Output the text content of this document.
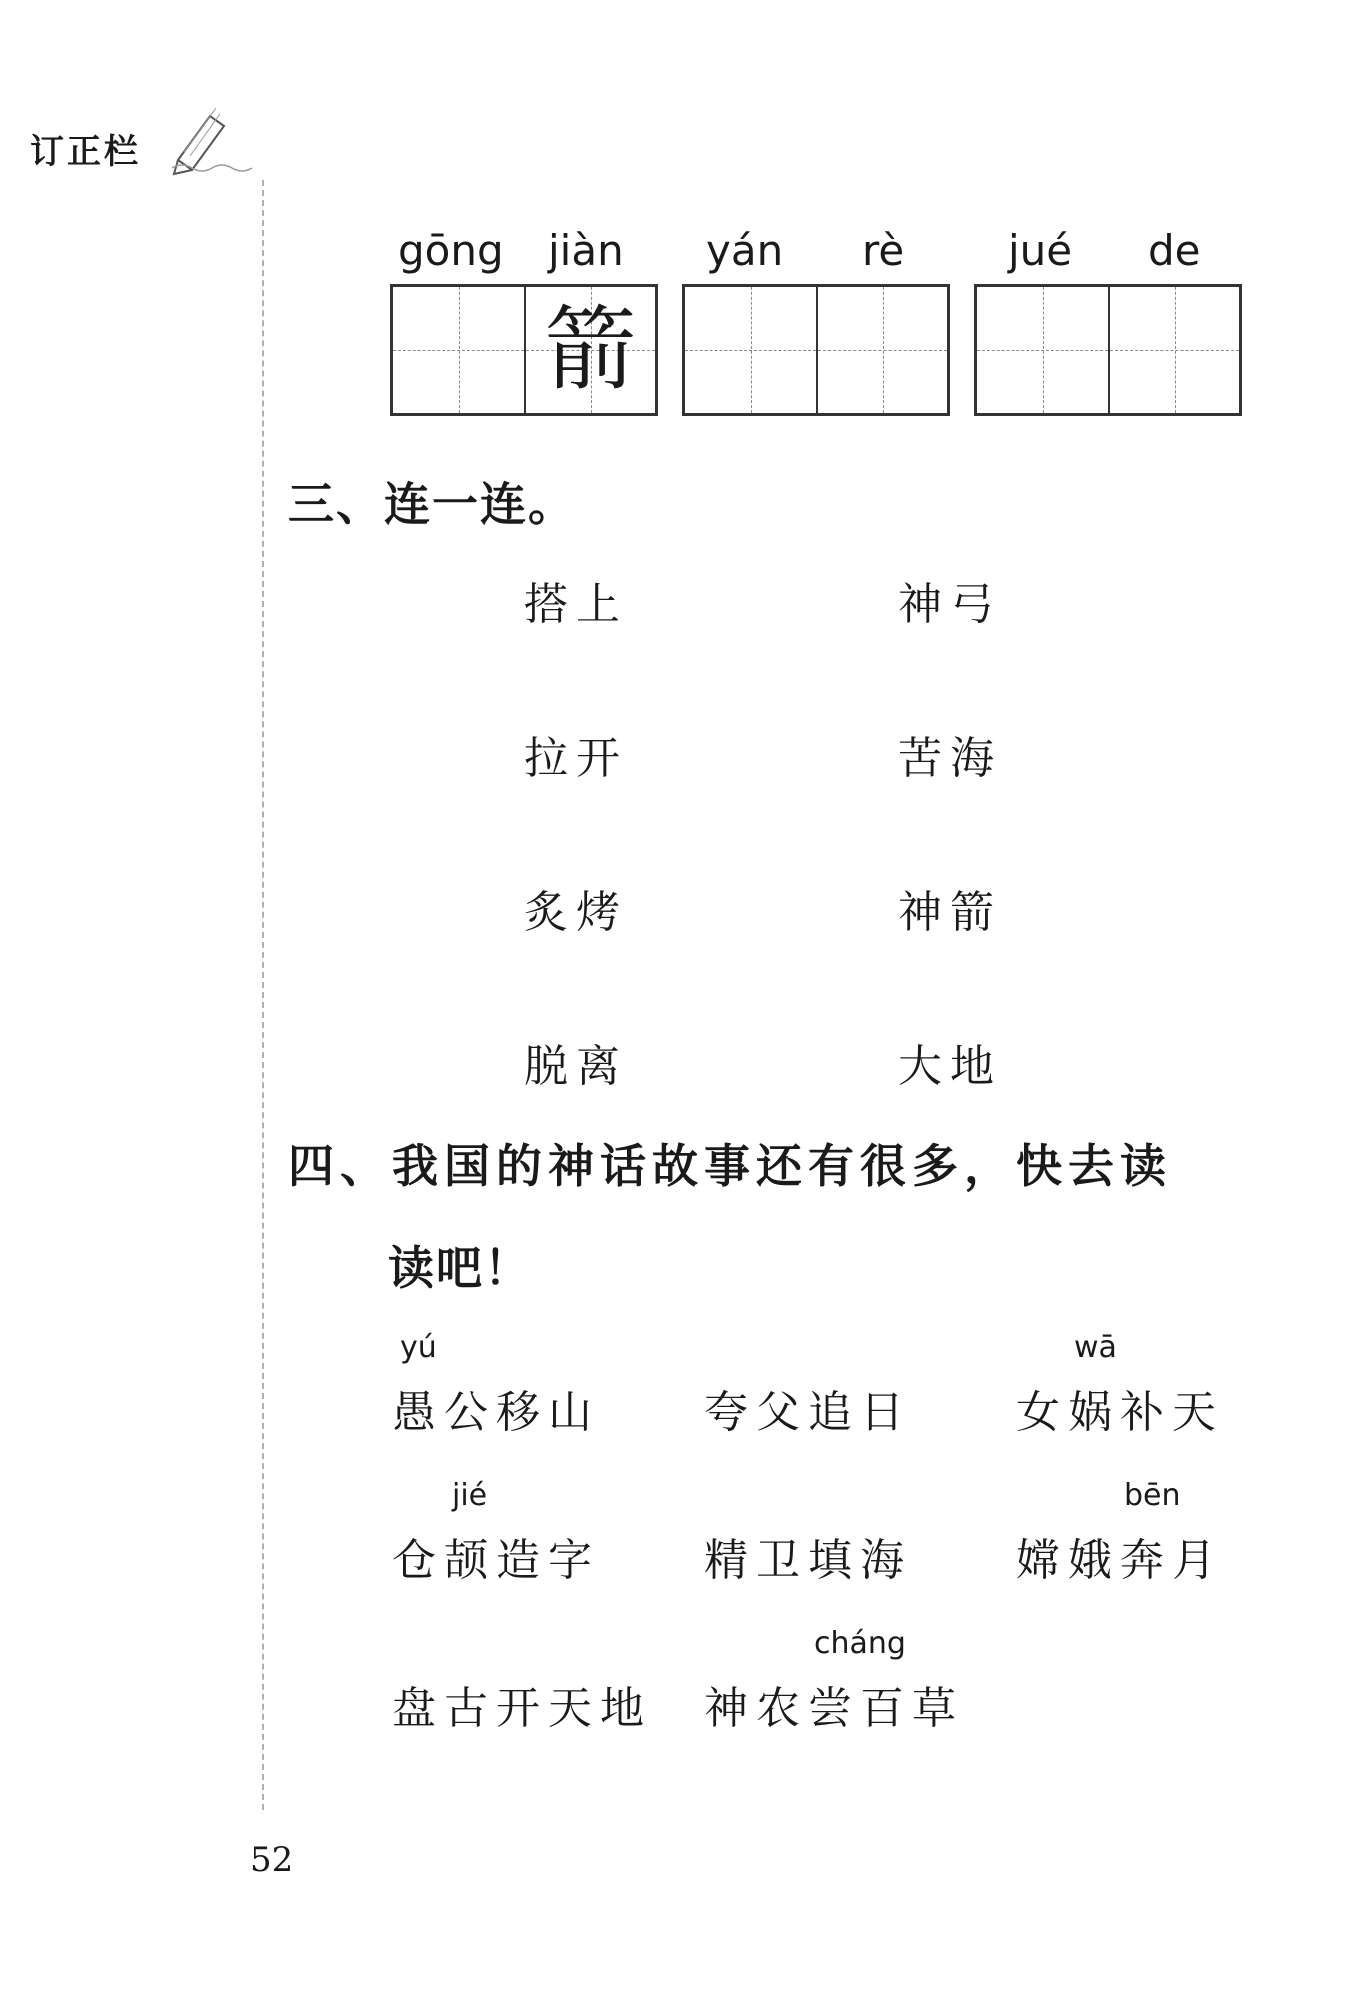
订正栏
gōng jiàn yán rè jué de
箭
三、连一连。
搭上
拉开
炙烤
脱离
神弓
苦海
神箭
大地
四、我国的神话故事还有很多，快去读
读吧！
yú
愚公移山 夸父追日
wā
女娲补天
jié
仓颉造字 精卫填海
bēn
嫦娥奔月
盘古开天地
cháng
神农尝百草
52
